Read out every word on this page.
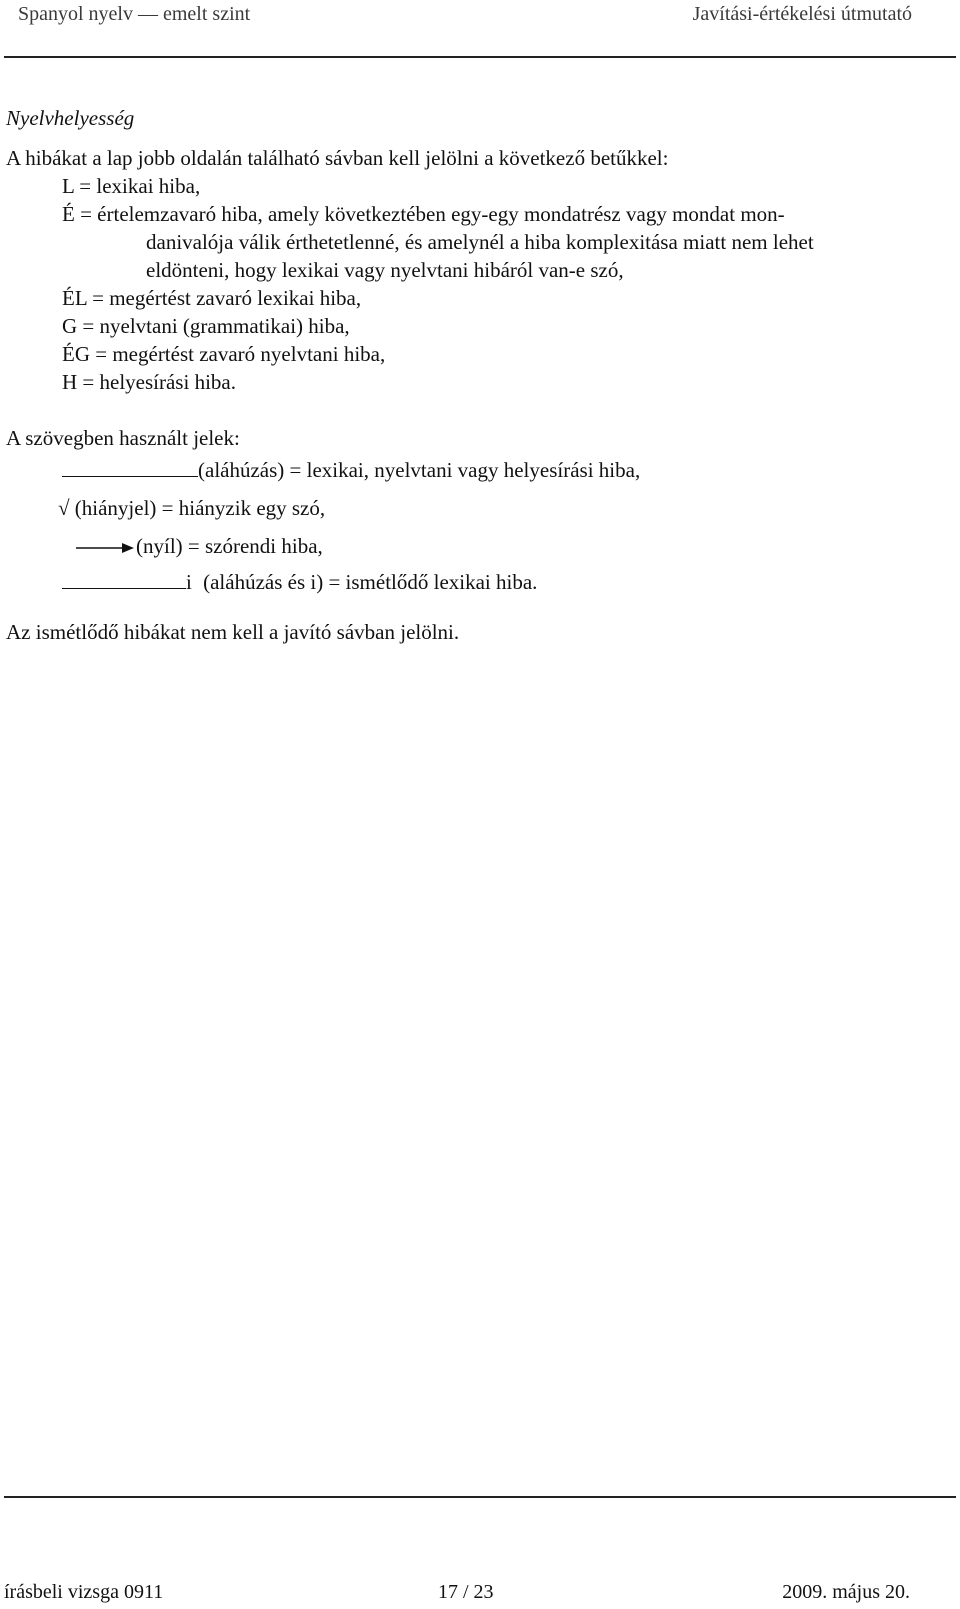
Spanyol nyelv — emelt szint	Javítási-értékelési útmutató
Nyelvhelyesség
A hibákat a lap jobb oldalán található sávban kell jelölni a következő betűkkel:
L = lexikai hiba,
É = értelemzavaró hiba, amely következtében egy-egy mondatrész vagy mondat mon-
danivalója válik érthetetlenné, és amelynél a hiba komplexitása miatt nem lehet
eldönteni, hogy lexikai vagy nyelvtani hibáról van-e szó,
ÉL = megértést zavaró lexikai hiba,
G = nyelvtani (grammatikai) hiba,
ÉG = megértést zavaró nyelvtani hiba,
H = helyesírási hiba.
A szövegben használt jelek:
(aláhúzás) = lexikai, nyelvtani vagy helyesírási hiba,
√ (hiányjel) = hiányzik egy szó,
(nyíl) = szórendi hiba,
i (aláhúzás és i) = ismétlődő lexikai hiba.
Az ismétlődő hibákat nem kell a javító sávban jelölni.
írásbeli vizsga 0911	17 / 23	2009. május 20.
